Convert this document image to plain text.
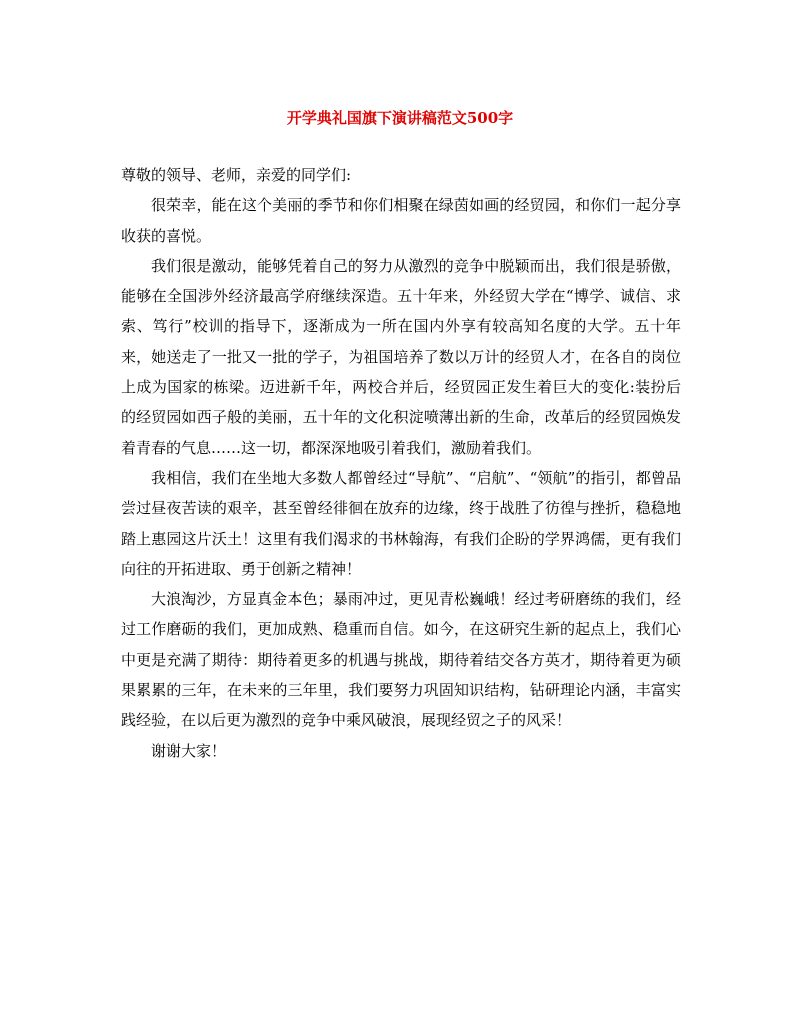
开学典礼国旗下演讲稿范文500字

尊敬的领导、老师，亲爱的同学们:

很荣幸，能在这个美丽的季节和你们相聚在绿茵如画的经贸园，和你们一起分享收获的喜悦。

我们很是激动，能够凭着自己的努力从激烈的竞争中脱颖而出，我们很是骄傲，能够在全国涉外经济最高学府继续深造。五十年来，外经贸大学在“博学、诚信、求索、笃行”校训的指导下，逐渐成为一所在国内外享有较高知名度的大学。五十年来，她送走了一批又一批的学子，为祖国培养了数以万计的经贸人才，在各自的岗位上成为国家的栋梁。迈进新千年，两校合并后，经贸园正发生着巨大的变化:装扮后的经贸园如西子般的美丽，五十年的文化积淀喷薄出新的生命，改革后的经贸园焕发着青春的气息……这一切，都深深地吸引着我们，激励着我们。

我相信，我们在坐地大多数人都曾经过“导航”、“启航”、“领航”的指引，都曾品尝过昼夜苦读的艰辛，甚至曾经徘徊在放弃的边缘，终于战胜了彷徨与挫折，稳稳地踏上惠园这片沃土！这里有我们渴求的书林翰海，有我们企盼的学界鸿儒，更有我们向往的开拓进取、勇于创新之精神！

大浪淘沙，方显真金本色；暴雨冲过，更见青松巍峨！经过考研磨练的我们，经过工作磨砺的我们，更加成熟、稳重而自信。如今，在这研究生新的起点上，我们心中更是充满了期待：期待着更多的机遇与挑战，期待着结交各方英才，期待着更为硕果累累的三年，在未来的三年里，我们要努力巩固知识结构，钻研理论内涵，丰富实践经验，在以后更为激烈的竞争中乘风破浪，展现经贸之子的风采！

谢谢大家！
